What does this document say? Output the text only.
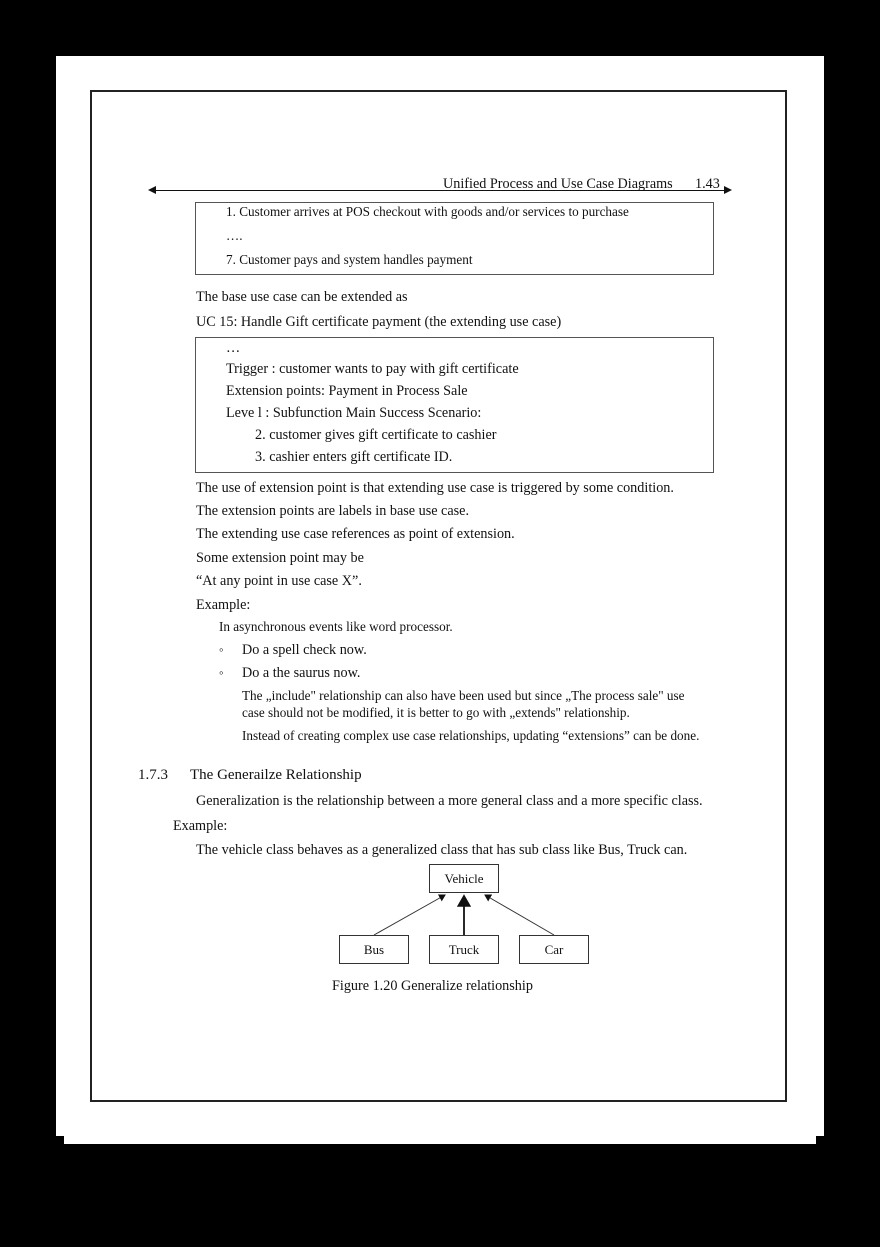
Unified Process and Use Case Diagrams 1.43
1. Customer arrives at POS checkout with goods and/or services to purchase
….
7. Customer pays and system handles payment
The base use case can be extended as
UC 15: Handle Gift certificate payment (the extending use case)
…
Trigger : customer wants to pay with gift certificate
Extension points: Payment in Process Sale
Leve l : Subfunction Main Success Scenario:
2. customer gives gift certificate to cashier
3. cashier enters gift certificate ID.
The use of extension point is that extending use case is triggered by some condition.
The extension points are labels in base use case.
The extending use case references as point of extension.
Some extension point may be
“At any point in use case X”.
Example:
In asynchronous events like word processor.
◦ Do a spell check now.
◦ Do a the saurus now.
The „include" relationship can also have been used but since „The process sale" use
case should not be modified, it is better to go with „extends" relationship.
Instead of creating complex use case relationships, updating “extensions” can be done.
1.7.3 The Generailze Relationship
Generalization is the relationship between a more general class and a more specific class.
Example:
The vehicle class behaves as a generalized class that has sub class like Bus, Truck can.
Vehicle
Bus	Truck	Car
Figure 1.20 Generalize relationship
